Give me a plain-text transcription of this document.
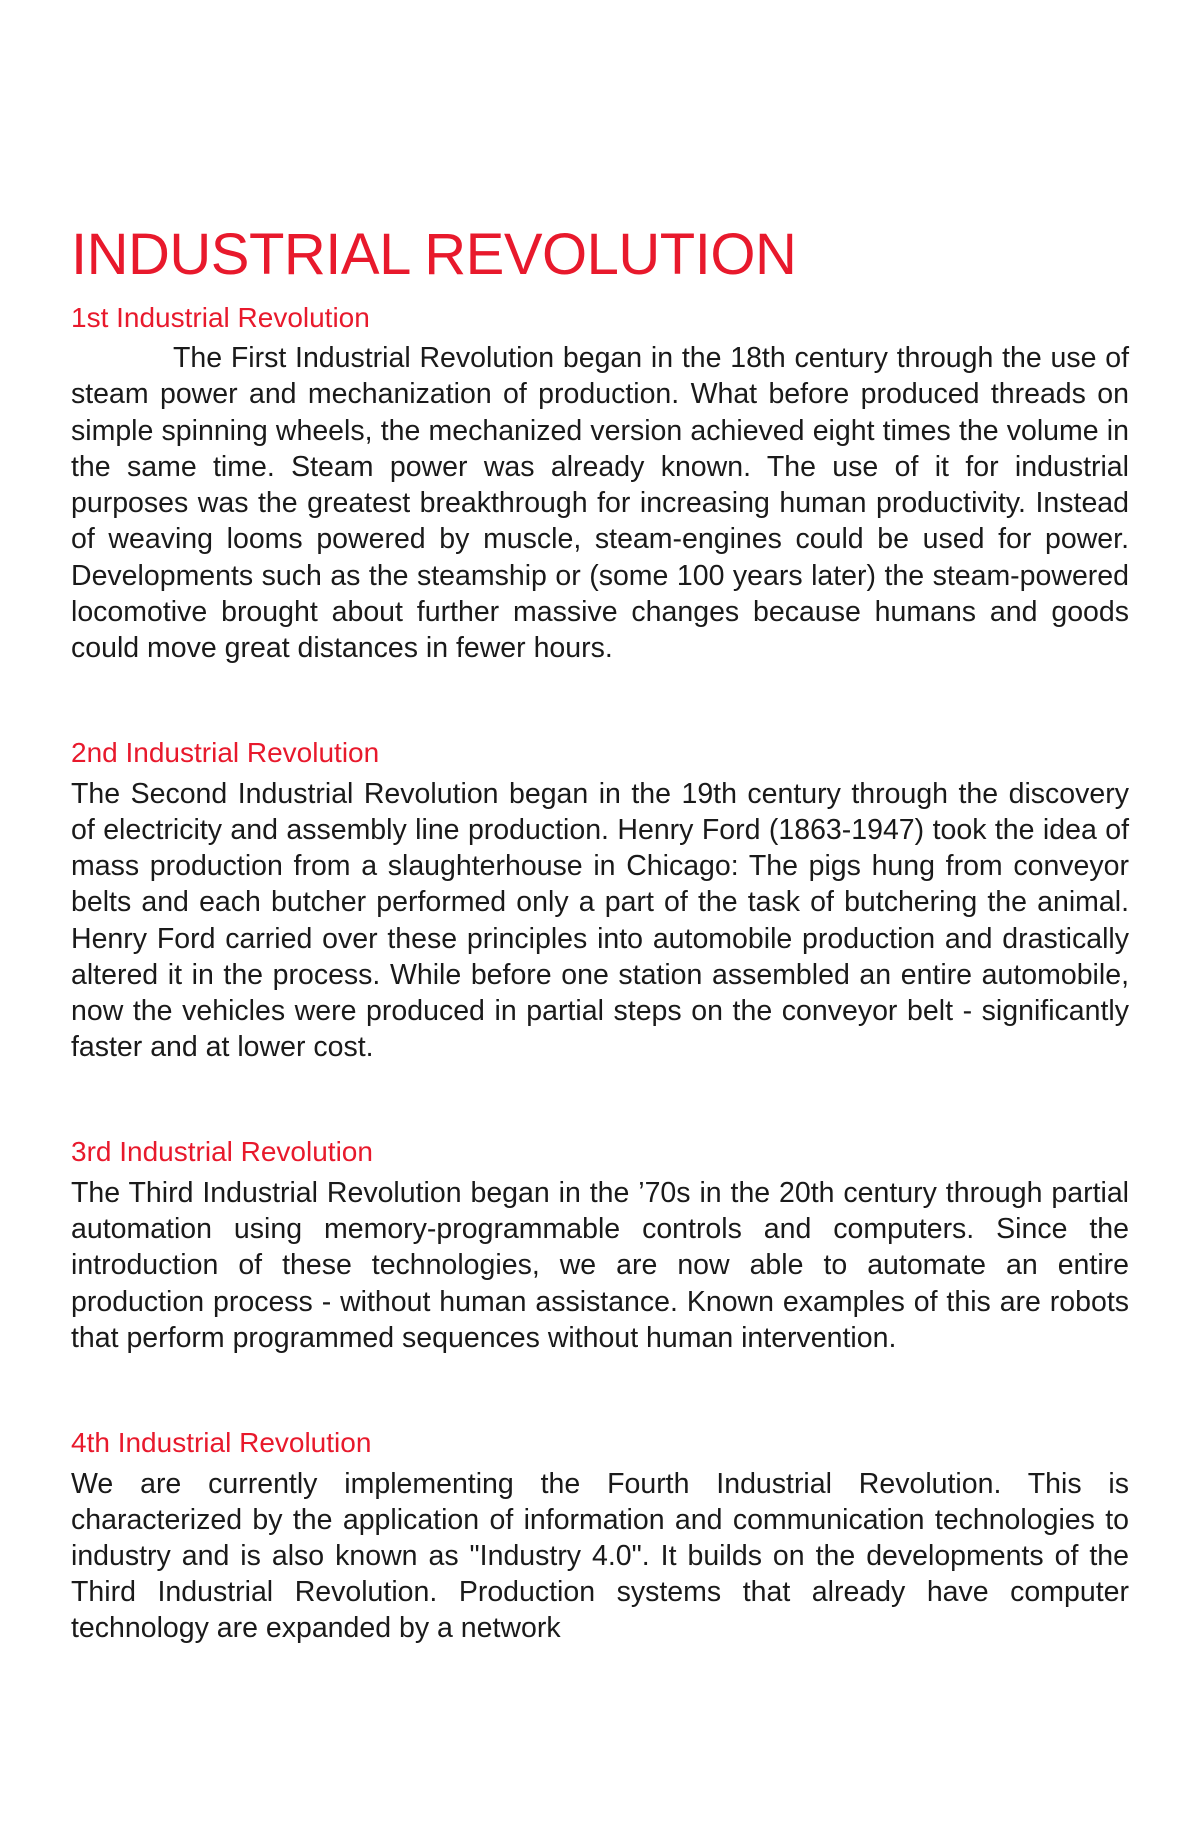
INDUSTRIAL REVOLUTION
1st Industrial Revolution

The First Industrial Revolution began in the 18th century through the use of steam power and mechanization of production. What before produced threads on simple spinning wheels, the mechanized version achieved eight times the volume in the same time. Steam power was already known. The use of it for industrial purposes was the greatest breakthrough for increasing human productivity. Instead of weaving looms powered by muscle, steam-engines could be used for power. Developments such as the steamship or (some 100 years later) the steam-powered locomotive brought about further massive changes because humans and goods could move great distances in fewer hours.

2nd Industrial Revolution

The Second Industrial Revolution began in the 19th century through the discovery of electricity and assembly line production. Henry Ford (1863-1947) took the idea of mass production from a slaughterhouse in Chicago: The pigs hung from conveyor belts and each butcher performed only a part of the task of butchering the animal. Henry Ford carried over these principles into automobile production and drastically altered it in the process. While before one station assembled an entire automobile, now the vehicles were produced in partial steps on the conveyor belt - significantly faster and at lower cost.

3rd Industrial Revolution

The Third Industrial Revolution began in the ’70s in the 20th century through partial automation using memory-programmable controls and computers. Since the introduction of these technologies, we are now able to automate an entire production process - without human assistance. Known examples of this are robots that perform programmed sequences without human intervention.

4th Industrial Revolution

We are currently implementing the Fourth Industrial Revolution. This is characterized by the application of information and communication technologies to industry and is also known as "Industry 4.0". It builds on the developments of the Third Industrial Revolution. Production systems that already have computer technology are expanded by a network
